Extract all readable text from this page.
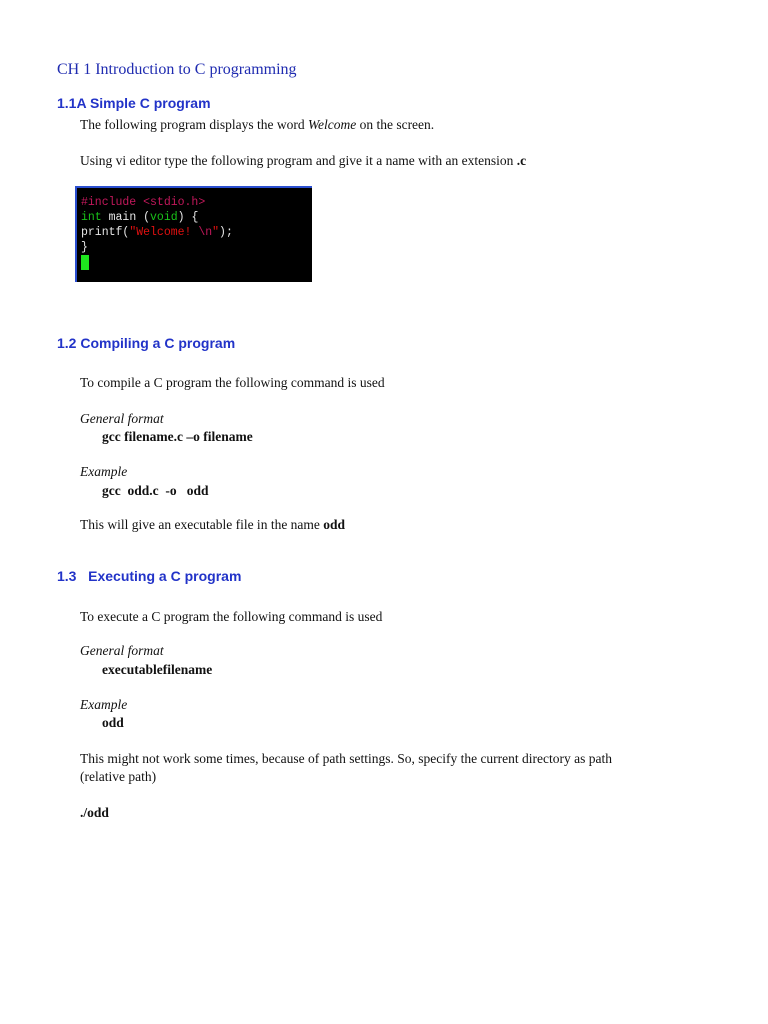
CH 1 Introduction to C programming
1.1A Simple C program
The following program displays the word Welcome on the screen.
Using vi editor type the following program and give it a name with an extension .c
#include <stdio.h>
int main (void) {
printf("Welcome! \n");
}
1.2 Compiling a C program
To compile a C program the following command is used
General format
gcc filename.c –o filename
Example
gcc  odd.c  -o   odd
This will give an executable file in the name odd
1.3   Executing a C program
To execute a C program the following command is used
General format
executablefilename
Example
odd
This might not work some times, because of path settings. So, specify the current directory as path
(relative path)
./odd
